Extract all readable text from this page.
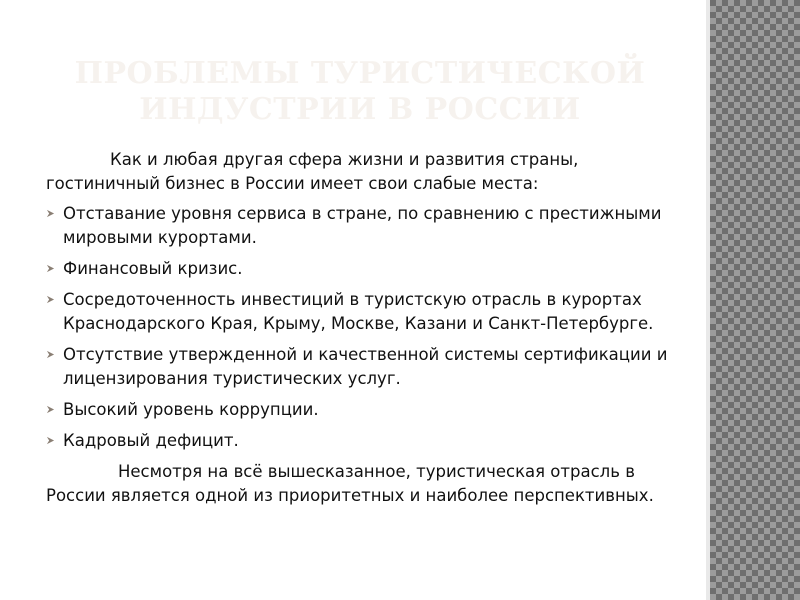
ПРОБЛЕМЫ ТУРИСТИЧЕСКОЙ
ИНДУСТРИИ В РОССИИ

Как и любая другая сфера жизни и развития страны, гостиничный бизнес в России имеет свои слабые места:

Отставание уровня сервиса в стране, по сравнению с престижными мировыми курортами.
Финансовый кризис.
Сосредоточенность инвестиций в туристскую отрасль в курортах Краснодарского Края, Крыму, Москве, Казани и Санкт-Петербурге.
Отсутствие утвержденной и качественной системы сертификации и лицензирования туристических услуг.
Высокий уровень коррупции.
Кадровый дефицит.

Несмотря на всё вышесказанное, туристическая отрасль в России является одной из приоритетных и наиболее перспективных.
